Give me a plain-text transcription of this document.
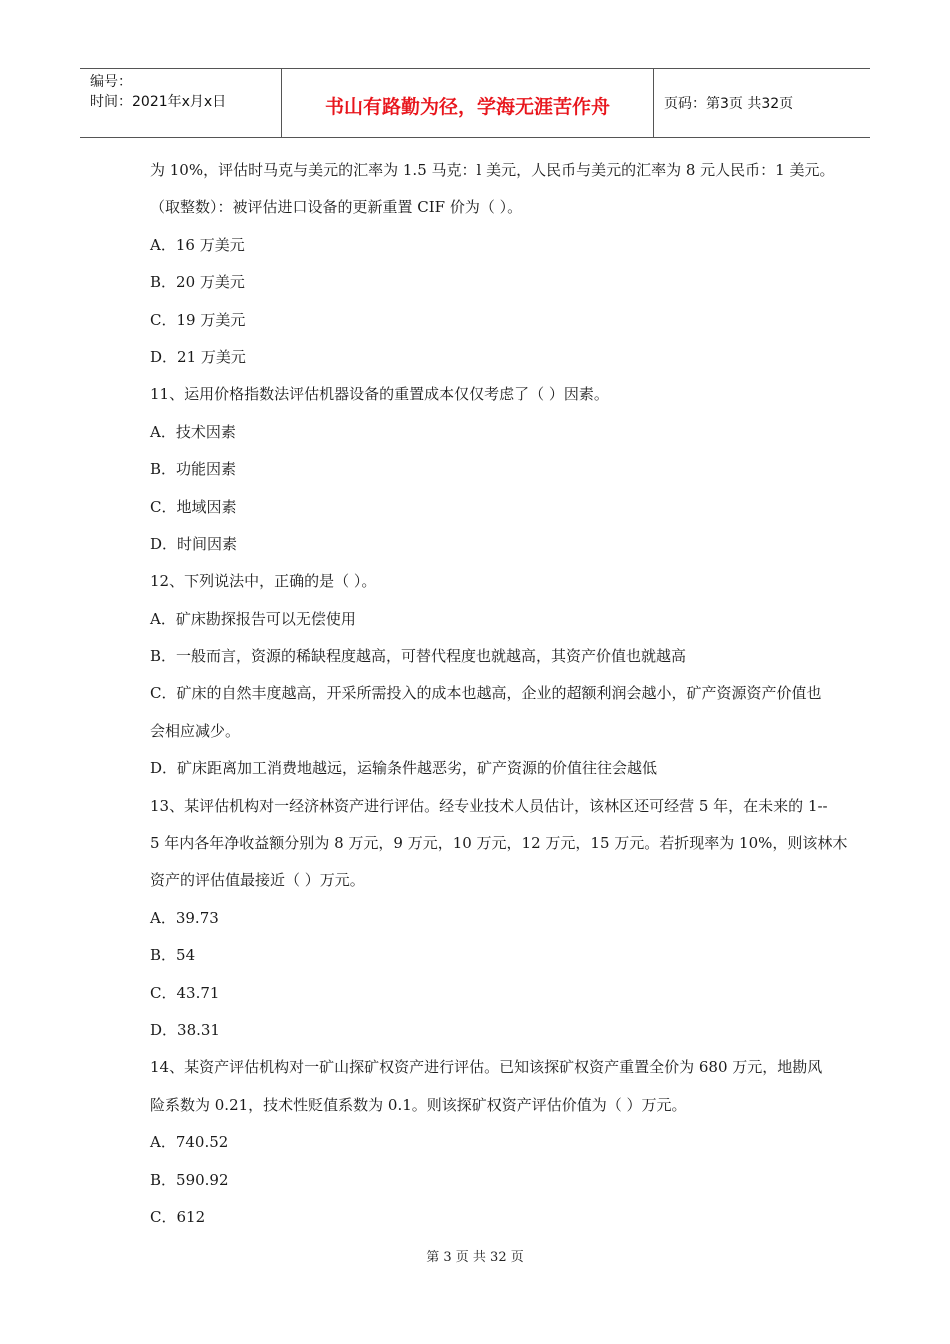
编号：
时间：2021年x月x日	书山有路勤为径，学海无涯苦作舟	页码：第3页 共32页
为 10%，评估时马克与美元的汇率为 1.5 马克：l 美元，人民币与美元的汇率为 8 元人民币：1 美元。
（取整数）：被评估进口设备的更新重置 CIF 价为（ ）。
A．16 万美元
B．20 万美元
C．19 万美元
D．21 万美元
11、运用价格指数法评估机器设备的重置成本仅仅考虑了（ ）因素。
A．技术因素
B．功能因素
C．地域因素
D．时间因素
12、下列说法中，正确的是（ ）。
A．矿床勘探报告可以无偿使用
B．一般而言，资源的稀缺程度越高，可替代程度也就越高，其资产价值也就越高
C．矿床的自然丰度越高，开采所需投入的成本也越高，企业的超额利润会越小，矿产资源资产价值也
会相应减少。
D．矿床距离加工消费地越远，运输条件越恶劣，矿产资源的价值往往会越低
13、某评估机构对一经济林资产进行评估。经专业技术人员估计，该林区还可经营 5 年，在未来的 1--
5 年内各年净收益额分别为 8 万元，9 万元，10 万元，12 万元，15 万元。若折现率为 10%，则该林木
资产的评估值最接近（ ）万元。
A．39.73
B．54
C．43.71
D．38.31
14、某资产评估机构对一矿山探矿权资产进行评估。已知该探矿权资产重置全价为 680 万元，地勘风
险系数为 0.21，技术性贬值系数为 0.1。则该探矿权资产评估价值为（ ）万元。
A．740.52
B．590.92
C．612
第 3 页 共 32 页
